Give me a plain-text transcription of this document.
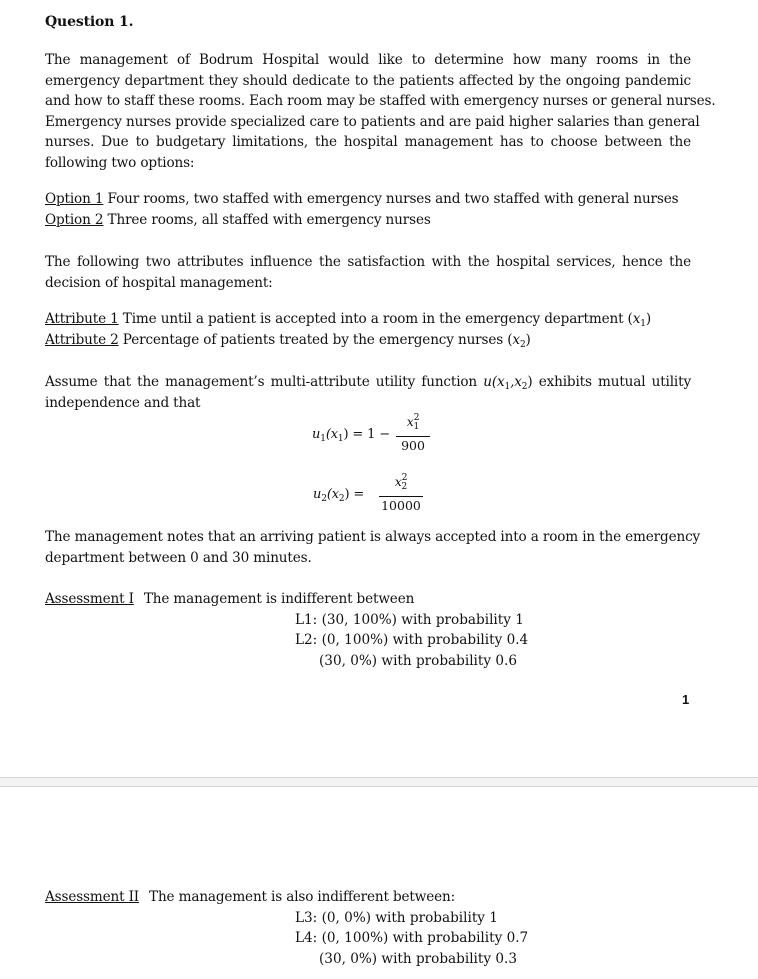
Question 1.
The management of Bodrum Hospital would like to determine how many rooms in the
emergency department they should dedicate to the patients affected by the ongoing pandemic
and how to staff these rooms. Each room may be staffed with emergency nurses or general nurses.
Emergency nurses provide specialized care to patients and are paid higher salaries than general
nurses. Due to budgetary limitations, the hospital management has to choose between the
following two options:
Option 1 Four rooms, two staffed with emergency nurses and two staffed with general nurses
Option 2 Three rooms, all staffed with emergency nurses
The following two attributes influence the satisfaction with the hospital services, hence the
decision of hospital management:
Attribute 1 Time until a patient is accepted into a room in the emergency department $(x_1)$
Attribute 2 Percentage of patients treated by the emergency nurses $(x_2)$
Assume that the management’s multi-attribute utility function $u(x_1,x_2)$ exhibits mutual utility
independence and that
$u_1(x_1) = 1$ −
$x^2_1$
900
$u_2(x_2)$ =
$x^2_2$
10000
The management notes that an arriving patient is always accepted into a room in the emergency
department between 0 and 30 minutes.
Assessment I The management is indifferent between
L1: (30, 100%) with probability 1
L2: (0, 100%) with probability 0.4
(30, 0%) with probability 0.6
1
Assessment II The management is also indifferent between:
L3: (0, 0%) with probability 1
L4: (0, 100%) with probability 0.7
(30, 0%) with probability 0.3
